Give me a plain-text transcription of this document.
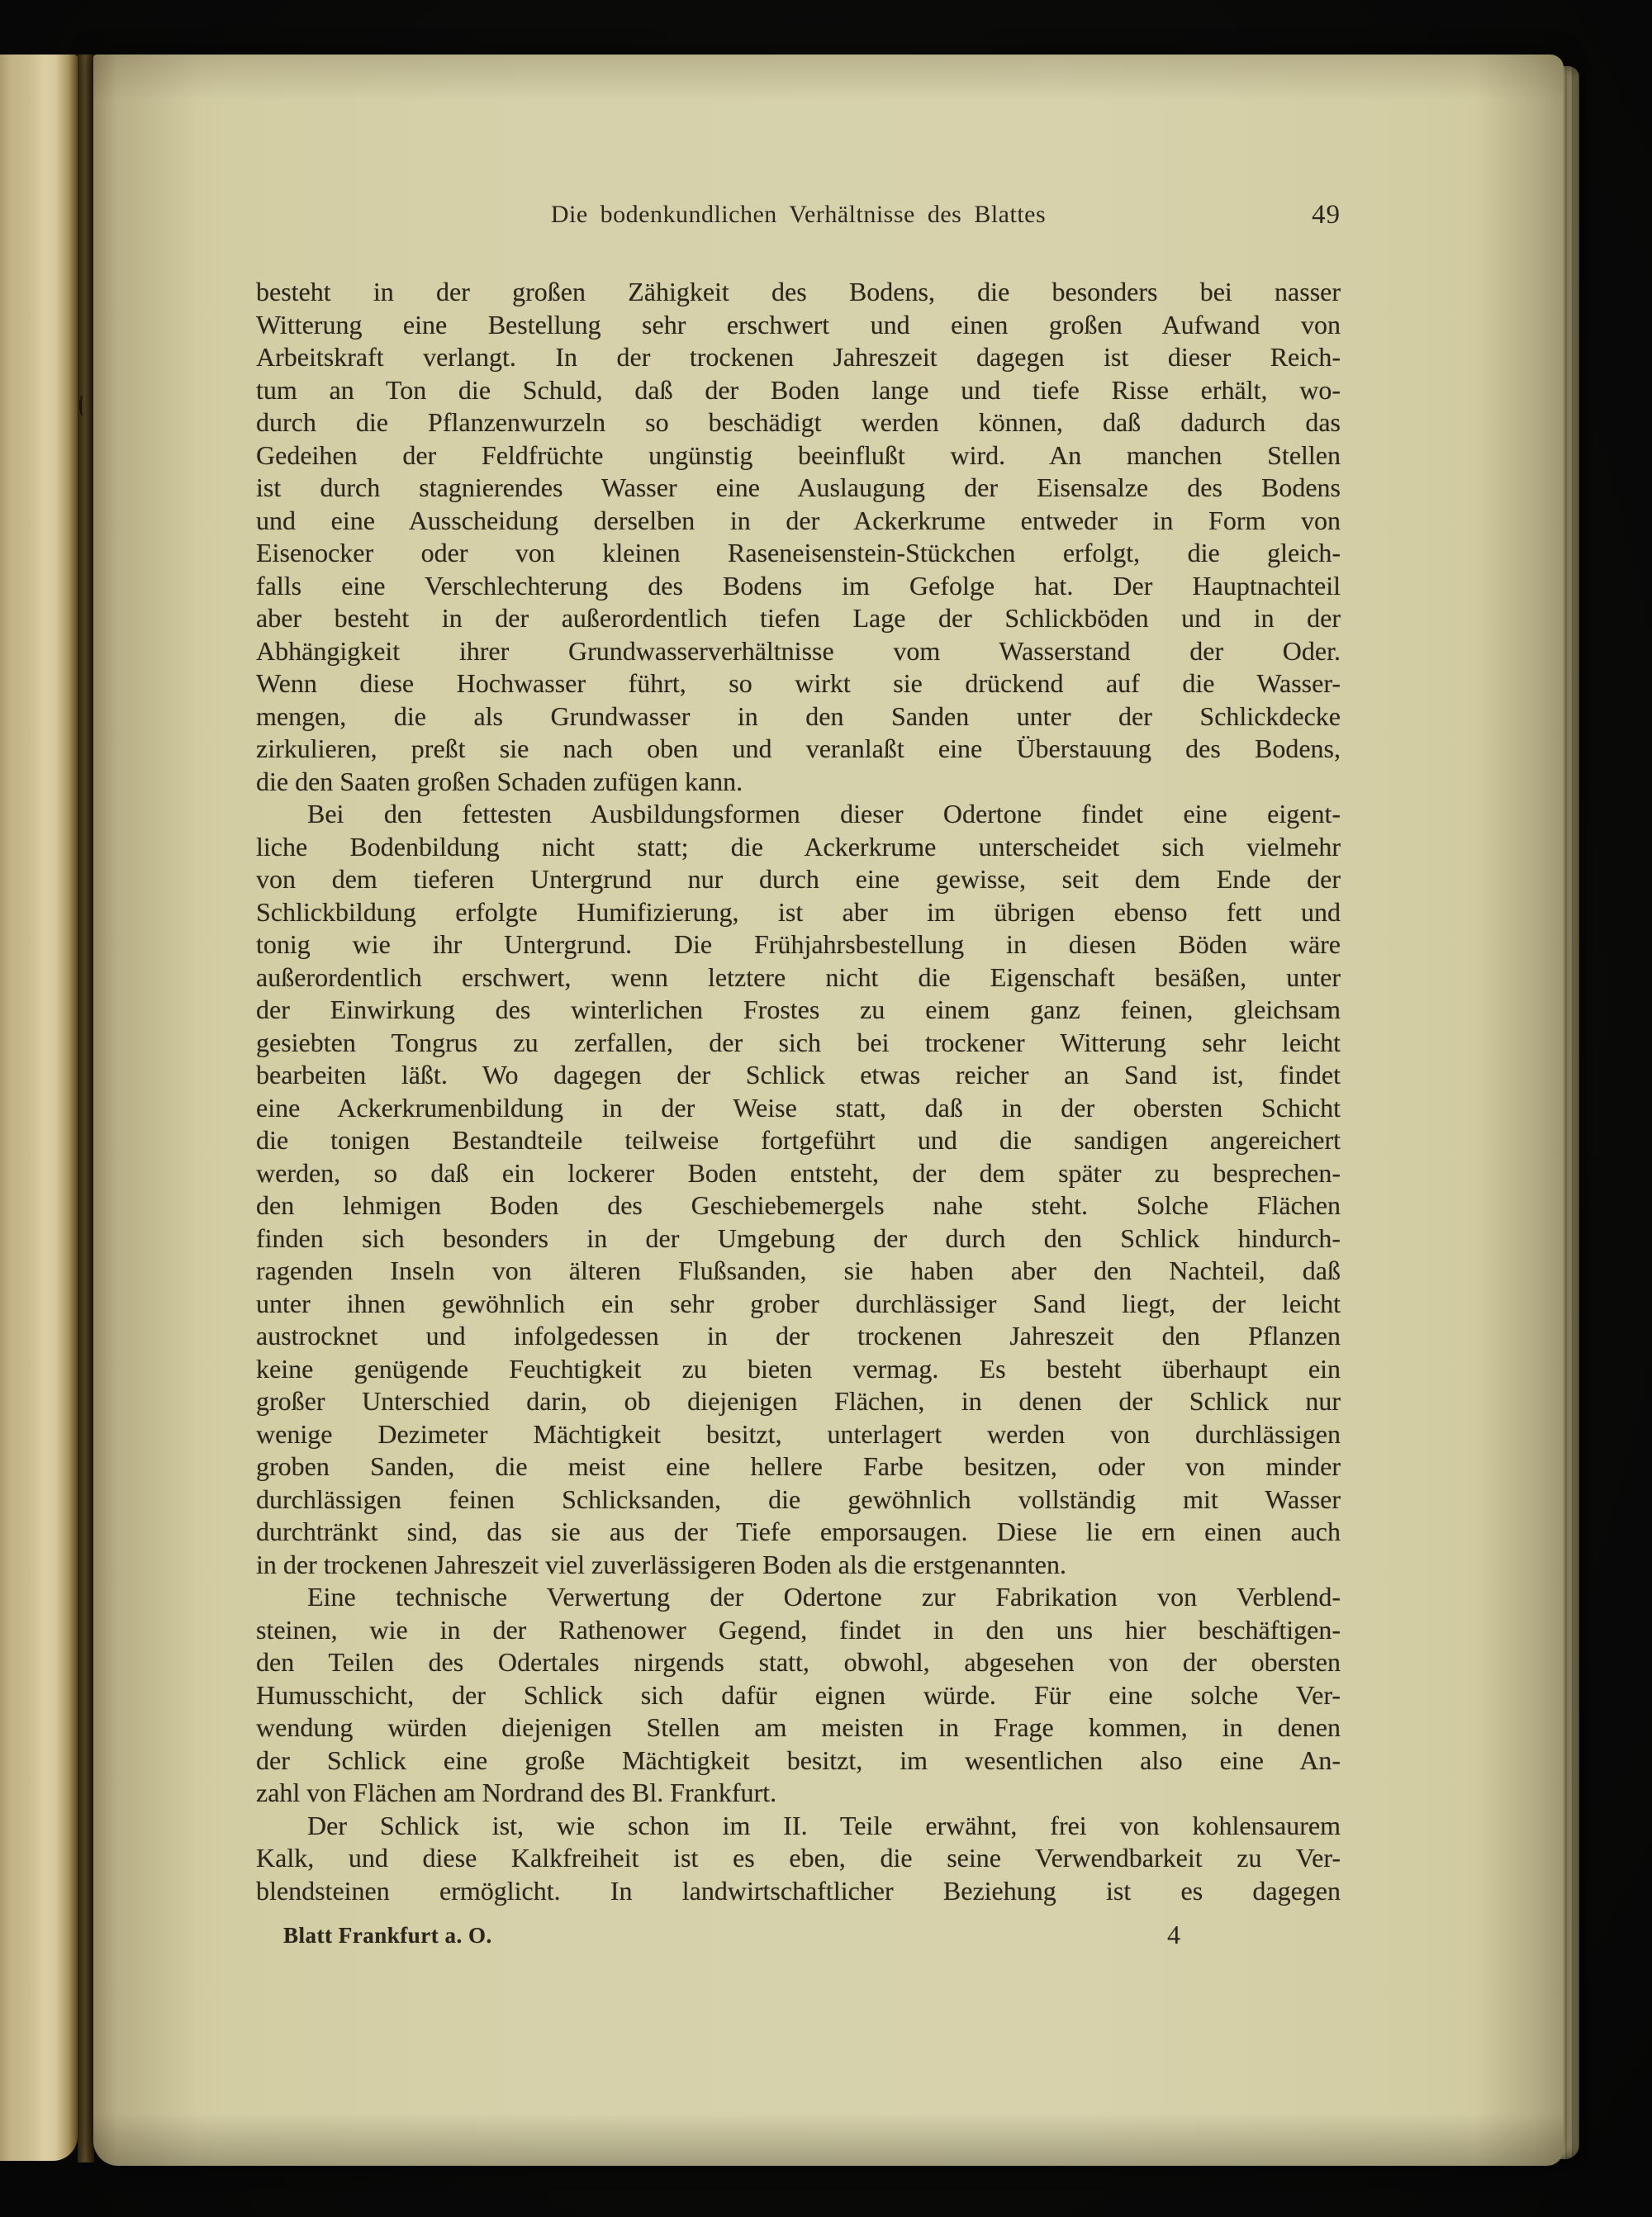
Die bodenkundlichen Verhältnisse des Blattes	49
besteht in der großen Zähigkeit des Bodens, die besonders bei nasser
Witterung eine Bestellung sehr erschwert und einen großen Aufwand von
Arbeitskraft verlangt. In der trockenen Jahreszeit dagegen ist dieser Reich-
tum an Ton die Schuld, daß der Boden lange und tiefe Risse erhält, wo-
durch die Pflanzenwurzeln so beschädigt werden können, daß dadurch das
Gedeihen der Feldfrüchte ungünstig beeinflußt wird. An manchen Stellen
ist durch stagnierendes Wasser eine Auslaugung der Eisensalze des Bodens
und eine Ausscheidung derselben in der Ackerkrume entweder in Form von
Eisenocker oder von kleinen Raseneisenstein-Stückchen erfolgt, die gleich-
falls eine Verschlechterung des Bodens im Gefolge hat. Der Hauptnachteil
aber besteht in der außerordentlich tiefen Lage der Schlickböden und in der
Abhängigkeit ihrer Grundwasserverhältnisse vom Wasserstand der Oder.
Wenn diese Hochwasser führt, so wirkt sie drückend auf die Wasser-
mengen, die als Grundwasser in den Sanden unter der Schlickdecke
zirkulieren, preßt sie nach oben und veranlaßt eine Überstauung des Bodens,
die den Saaten großen Schaden zufügen kann.
Bei den fettesten Ausbildungsformen dieser Odertone findet eine eigent-
liche Bodenbildung nicht statt; die Ackerkrume unterscheidet sich vielmehr
von dem tieferen Untergrund nur durch eine gewisse, seit dem Ende der
Schlickbildung erfolgte Humifizierung, ist aber im übrigen ebenso fett und
tonig wie ihr Untergrund. Die Frühjahrsbestellung in diesen Böden wäre
außerordentlich erschwert, wenn letztere nicht die Eigenschaft besäßen, unter
der Einwirkung des winterlichen Frostes zu einem ganz feinen, gleichsam
gesiebten Tongrus zu zerfallen, der sich bei trockener Witterung sehr leicht
bearbeiten läßt. Wo dagegen der Schlick etwas reicher an Sand ist, findet
eine Ackerkrumenbildung in der Weise statt, daß in der obersten Schicht
die tonigen Bestandteile teilweise fortgeführt und die sandigen angereichert
werden, so daß ein lockerer Boden entsteht, der dem später zu besprechen-
den lehmigen Boden des Geschiebemergels nahe steht. Solche Flächen
finden sich besonders in der Umgebung der durch den Schlick hindurch-
ragenden Inseln von älteren Flußsanden, sie haben aber den Nachteil, daß
unter ihnen gewöhnlich ein sehr grober durchlässiger Sand liegt, der leicht
austrocknet und infolgedessen in der trockenen Jahreszeit den Pflanzen
keine genügende Feuchtigkeit zu bieten vermag. Es besteht überhaupt ein
großer Unterschied darin, ob diejenigen Flächen, in denen der Schlick nur
wenige Dezimeter Mächtigkeit besitzt, unterlagert werden von durchlässigen
groben Sanden, die meist eine hellere Farbe besitzen, oder von minder
durchlässigen feinen Schlicksanden, die gewöhnlich vollständig mit Wasser
durchtränkt sind, das sie aus der Tiefe emporsaugen. Diese lie ern einen auch
in der trockenen Jahreszeit viel zuverlässigeren Boden als die erstgenannten.
Eine technische Verwertung der Odertone zur Fabrikation von Verblend-
steinen, wie in der Rathenower Gegend, findet in den uns hier beschäftigen-
den Teilen des Odertales nirgends statt, obwohl, abgesehen von der obersten
Humusschicht, der Schlick sich dafür eignen würde. Für eine solche Ver-
wendung würden diejenigen Stellen am meisten in Frage kommen, in denen
der Schlick eine große Mächtigkeit besitzt, im wesentlichen also eine An-
zahl von Flächen am Nordrand des Bl. Frankfurt.
Der Schlick ist, wie schon im II. Teile erwähnt, frei von kohlensaurem
Kalk, und diese Kalkfreiheit ist es eben, die seine Verwendbarkeit zu Ver-
blendsteinen ermöglicht. In landwirtschaftlicher Beziehung ist es dagegen
Blatt Frankfurt a. O.	4
